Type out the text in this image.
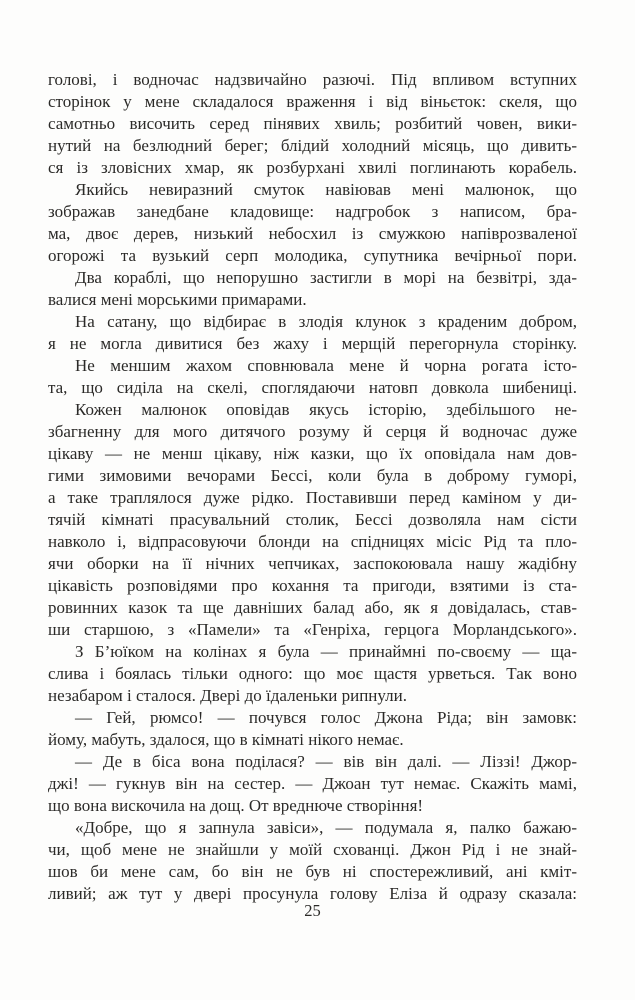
голові, і водночас надзвичайно разючі. Під впливом вступних
сторінок у мене складалося враження і від віньєток: скеля, що
самотньо височить серед пінявих хвиль; розбитий човен, вики-
нутий на безлюдний берег; блідий холодний місяць, що дивить-
ся із зловісних хмар, як розбурхані хвилі поглинають корабель.
Якийсь невиразний смуток навіював мені малюнок, що
зображав занедбане кладовище: надгробок з написом, бра-
ма, двоє дерев, низький небосхил із смужкою напіврозваленої
огорожі та вузький серп молодика, супутника вечірньої пори.
Два кораблі, що непорушно застигли в морі на безвітрі, зда-
валися мені морськими примарами.
На сатану, що відбирає в злодія клунок з краденим добром,
я не могла дивитися без жаху і мерщій перегорнула сторінку.
Не меншим жахом сповнювала мене й чорна рогата істо-
та, що сиділа на скелі, споглядаючи натовп довкола шибениці.
Кожен малюнок оповідав якусь історію, здебільшого не-
збагненну для мого дитячого розуму й серця й водночас дуже
цікаву — не менш цікаву, ніж казки, що їх оповідала нам дов-
гими зимовими вечорами Бессі, коли була в доброму гуморі,
а таке траплялося дуже рідко. Поставивши перед каміном у ди-
тячій кімнаті прасувальний столик, Бессі дозволяла нам сісти
навколо і, відпрасовуючи блонди на спідницях місіс Рід та пло-
ячи оборки на її нічних чепчиках, заспокоювала нашу жадібну
цікавість розповідями про кохання та пригоди, взятими із ста-
ровинних казок та ще давніших балад або, як я довідалась, став-
ши старшою, з «Памели» та «Генріха, герцога Морландського».
З Б’юїком на колінах я була — принаймні по-своєму — ща-
слива і боялась тільки одного: що моє щастя урветься. Так воно
незабаром і сталося. Двері до їдаленьки рипнули.
— Гей, рюмсо! — почувся голос Джона Ріда; він замовк:
йому, мабуть, здалося, що в кімнаті нікого немає.
— Де в біса вона поділася? — вів він далі. — Ліззі! Джор-
джі! — гукнув він на сестер. — Джоан тут немає. Скажіть мамі,
що вона вискочила на дощ. От вреднюче створіння!
«Добре, що я запнула завіси», — подумала я, палко бажаю-
чи, щоб мене не знайшли у моїй схованці. Джон Рід і не знай-
шов би мене сам, бо він не був ні спостережливий, ані кміт-
ливий; аж тут у двері просунула голову Еліза й одразу сказала:
25
